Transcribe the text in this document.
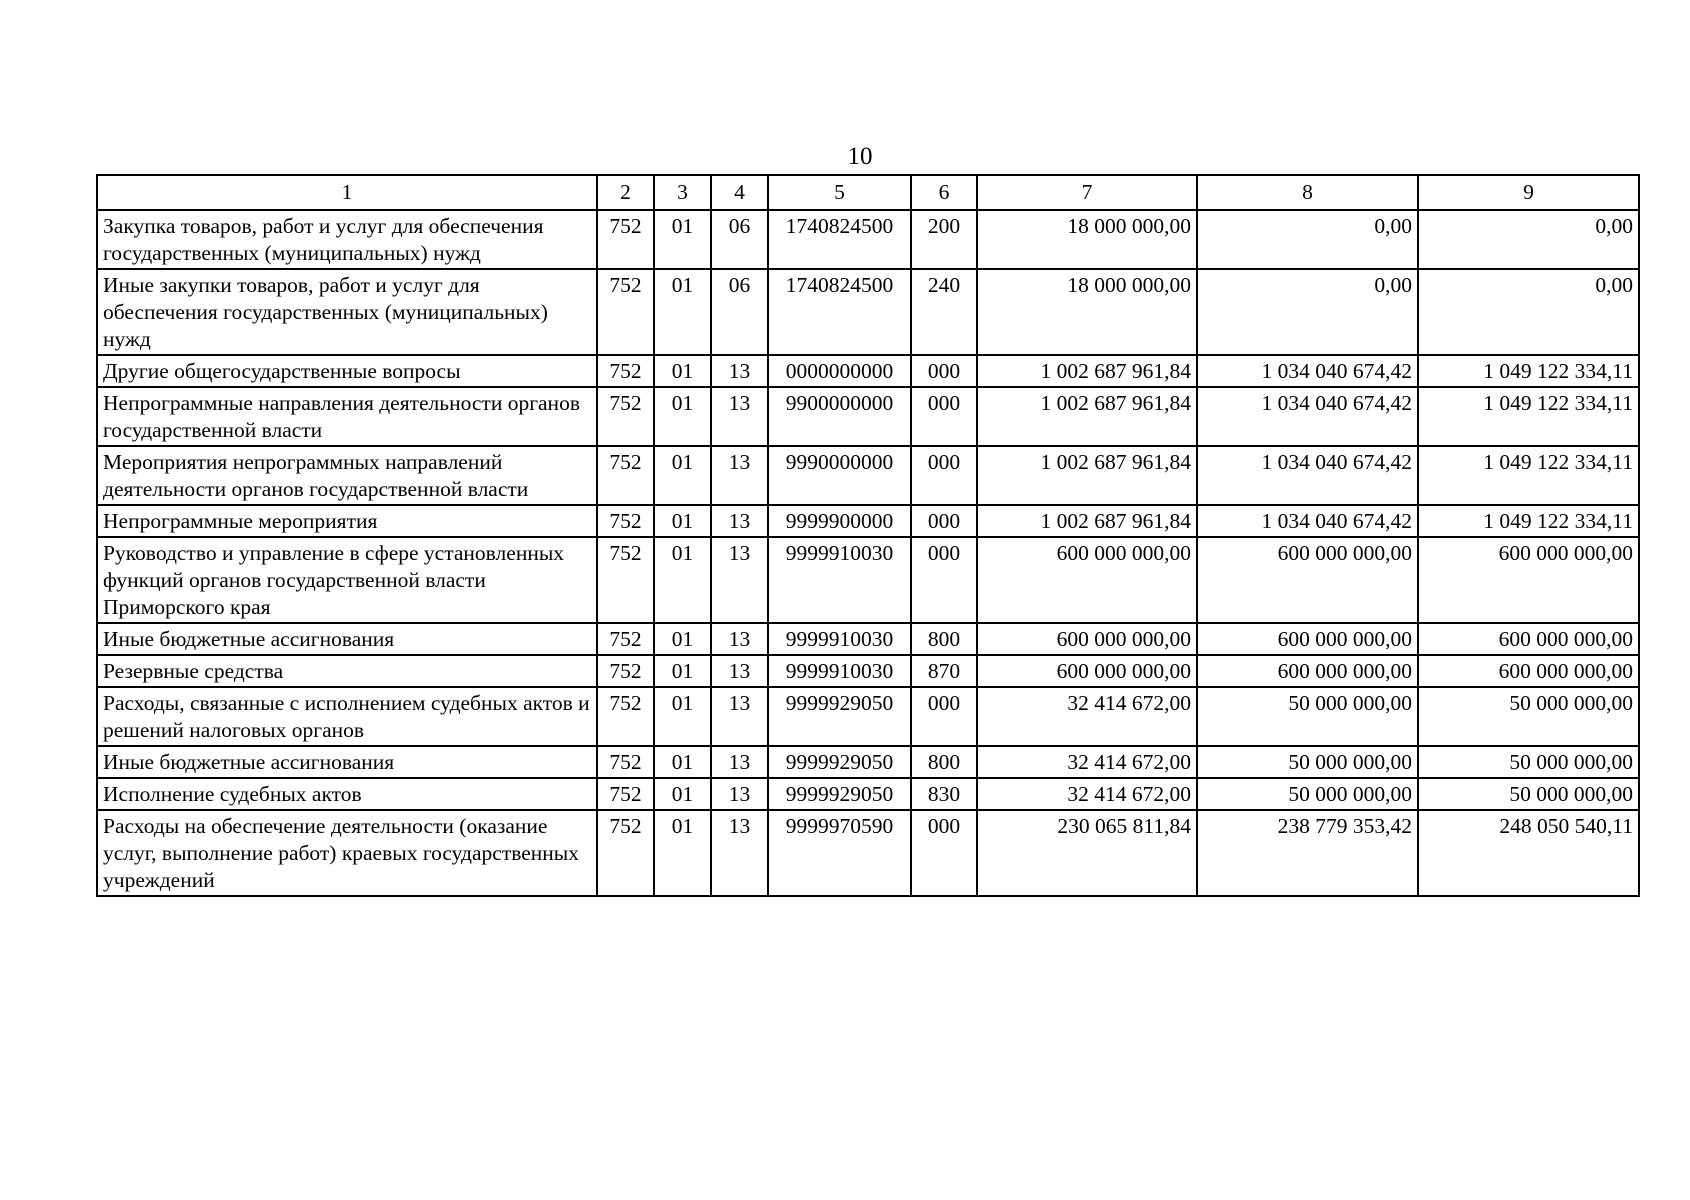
10
1	2	3	4	5	6	7	8	9
Закупка товаров, работ и услуг для обеспечения государственных (муниципальных) нужд	752	01	06	1740824500	200	18 000 000,00	0,00	0,00
Иные закупки товаров, работ и услуг для обеспечения государственных (муниципальных) нужд	752	01	06	1740824500	240	18 000 000,00	0,00	0,00
Другие общегосударственные вопросы	752	01	13	0000000000	000	1 002 687 961,84	1 034 040 674,42	1 049 122 334,11
Непрограммные направления деятельности органов государственной власти	752	01	13	9900000000	000	1 002 687 961,84	1 034 040 674,42	1 049 122 334,11
Мероприятия непрограммных направлений деятельности органов государственной власти	752	01	13	9990000000	000	1 002 687 961,84	1 034 040 674,42	1 049 122 334,11
Непрограммные мероприятия	752	01	13	9999900000	000	1 002 687 961,84	1 034 040 674,42	1 049 122 334,11
Руководство и управление в сфере установленных функций органов государственной власти Приморского края	752	01	13	9999910030	000	600 000 000,00	600 000 000,00	600 000 000,00
Иные бюджетные ассигнования	752	01	13	9999910030	800	600 000 000,00	600 000 000,00	600 000 000,00
Резервные средства	752	01	13	9999910030	870	600 000 000,00	600 000 000,00	600 000 000,00
Расходы, связанные с исполнением судебных актов и решений налоговых органов	752	01	13	9999929050	000	32 414 672,00	50 000 000,00	50 000 000,00
Иные бюджетные ассигнования	752	01	13	9999929050	800	32 414 672,00	50 000 000,00	50 000 000,00
Исполнение судебных актов	752	01	13	9999929050	830	32 414 672,00	50 000 000,00	50 000 000,00
Расходы на обеспечение деятельности (оказание услуг, выполнение работ) краевых государственных учреждений	752	01	13	9999970590	000	230 065 811,84	238 779 353,42	248 050 540,11
